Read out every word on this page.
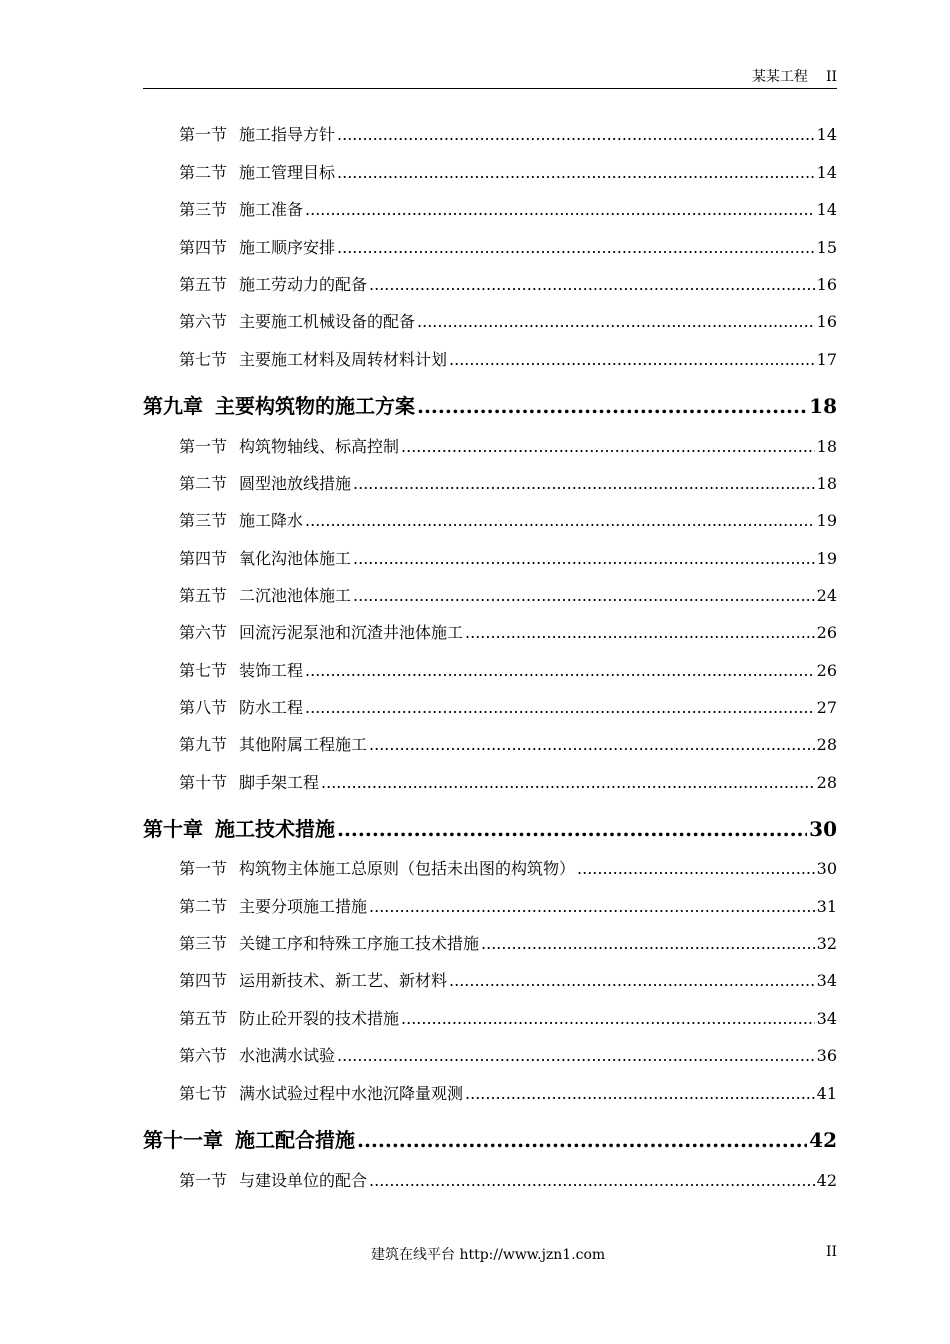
某某工程 II
第一节 施工指导方针 .....	14
第二节 施工管理目标 .....	14
第三节 施工准备 .....	14
第四节 施工顺序安排 .....	15
第五节 施工劳动力的配备 .....	16
第六节 主要施工机械设备的配备 .....	16
第七节 主要施工材料及周转材料计划 .....	17
第九章 主要构筑物的施工方案 .....	18
第一节 构筑物轴线、标高控制 .....	18
第二节 圆型池放线措施 .....	18
第三节 施工降水 .....	19
第四节 氧化沟池体施工 .....	19
第五节 二沉池池体施工 .....	24
第六节 回流污泥泵池和沉渣井池体施工 .....	26
第七节 装饰工程 .....	26
第八节 防水工程 .....	27
第九节 其他附属工程施工 .....	28
第十节 脚手架工程 .....	28
第十章 施工技术措施 .....	30
第一节 构筑物主体施工总原则（包括未出图的构筑物） .....	30
第二节 主要分项施工措施 .....	31
第三节 关键工序和特殊工序施工技术措施 .....	32
第四节 运用新技术、新工艺、新材料 .....	34
第五节 防止砼开裂的技术措施 .....	34
第六节 水池满水试验 .....	36
第七节 满水试验过程中水池沉降量观测 .....	41
第十一章 施工配合措施 .....	42
第一节 与建设单位的配合 .....	42
建筑在线平台 http://www.jzn1.com	II
